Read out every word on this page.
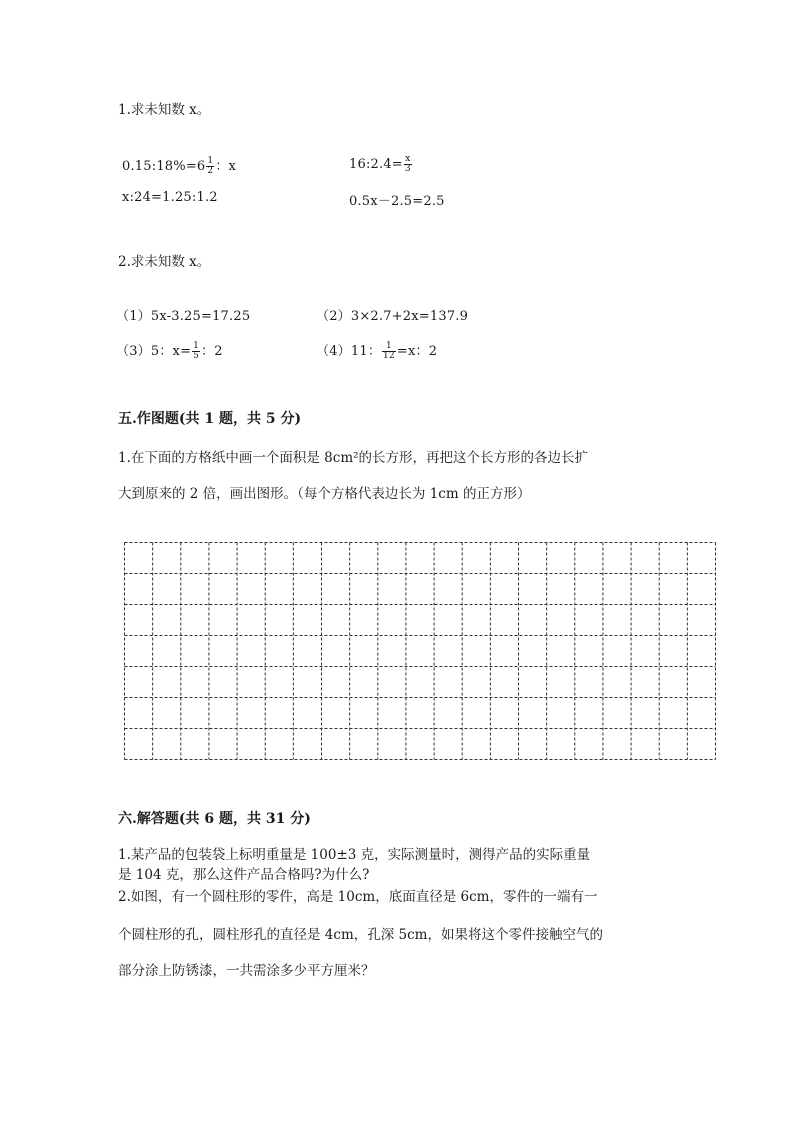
1.求未知数 x。
0.15:18%=6 $\frac{1}{2}$ ：x	16:2.4= $\frac{x}{3}$
x:24=1.25:1.2	0.5x－2.5=2.5
2.求未知数 x。
（1）5x-3.25=17.25	（2）3×2.7+2x=137.9
（3）5：$x= \frac{1}{5}$ ：2	（4）11： $\frac{1}{12} =x$：2
五.作图题(共 1 题，共 5 分)
1.在下面的方格纸中画一个面积是 8cm²的长方形，再把这个长方形的各边长扩
大到原来的 2 倍，画出图形。（每个方格代表边长为 1cm 的正方形）
六.解答题(共 6 题，共 31 分)
1.某产品的包装袋上标明重量是 100±3 克，实际测量时，测得产品的实际重量
是 104 克，那么这件产品合格吗?为什么?
2.如图，有一个圆柱形的零件，高是 10cm，底面直径是 6cm，零件的一端有一
个圆柱形的孔，圆柱形孔的直径是 4cm，孔深 5cm，如果将这个零件接触空气的
部分涂上防锈漆，一共需涂多少平方厘米？
